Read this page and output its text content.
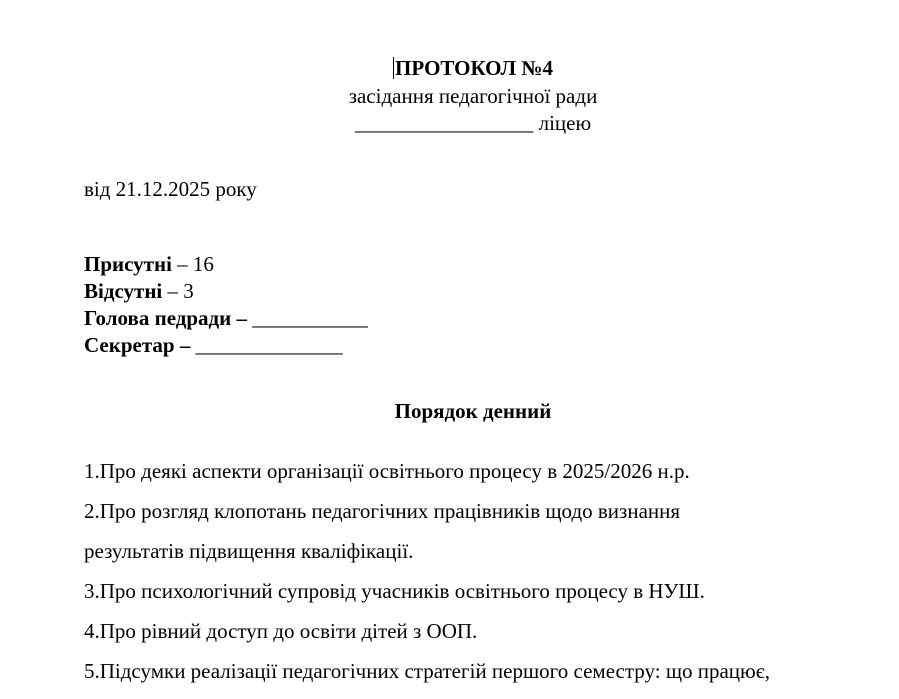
ПРОТОКОЛ №4
засідання педагогічної ради
_________________ ліцею
від 21.12.2025 року
Присутні – 16
Відсутні – 3
Голова педради – ___________
Секретар – ______________
Порядок денний
1.Про деякі аспекти організації освітнього процесу в 2025/2026 н.р.
2.Про розгляд клопотань педагогічних працівників щодо визнання
результатів підвищення кваліфікації.
3.Про психологічний супровід учасників освітнього процесу в НУШ.
4.Про рівний доступ до освіти дітей з ООП.
5.Підсумки реалізації педагогічних стратегій першого семестру: що працює,
